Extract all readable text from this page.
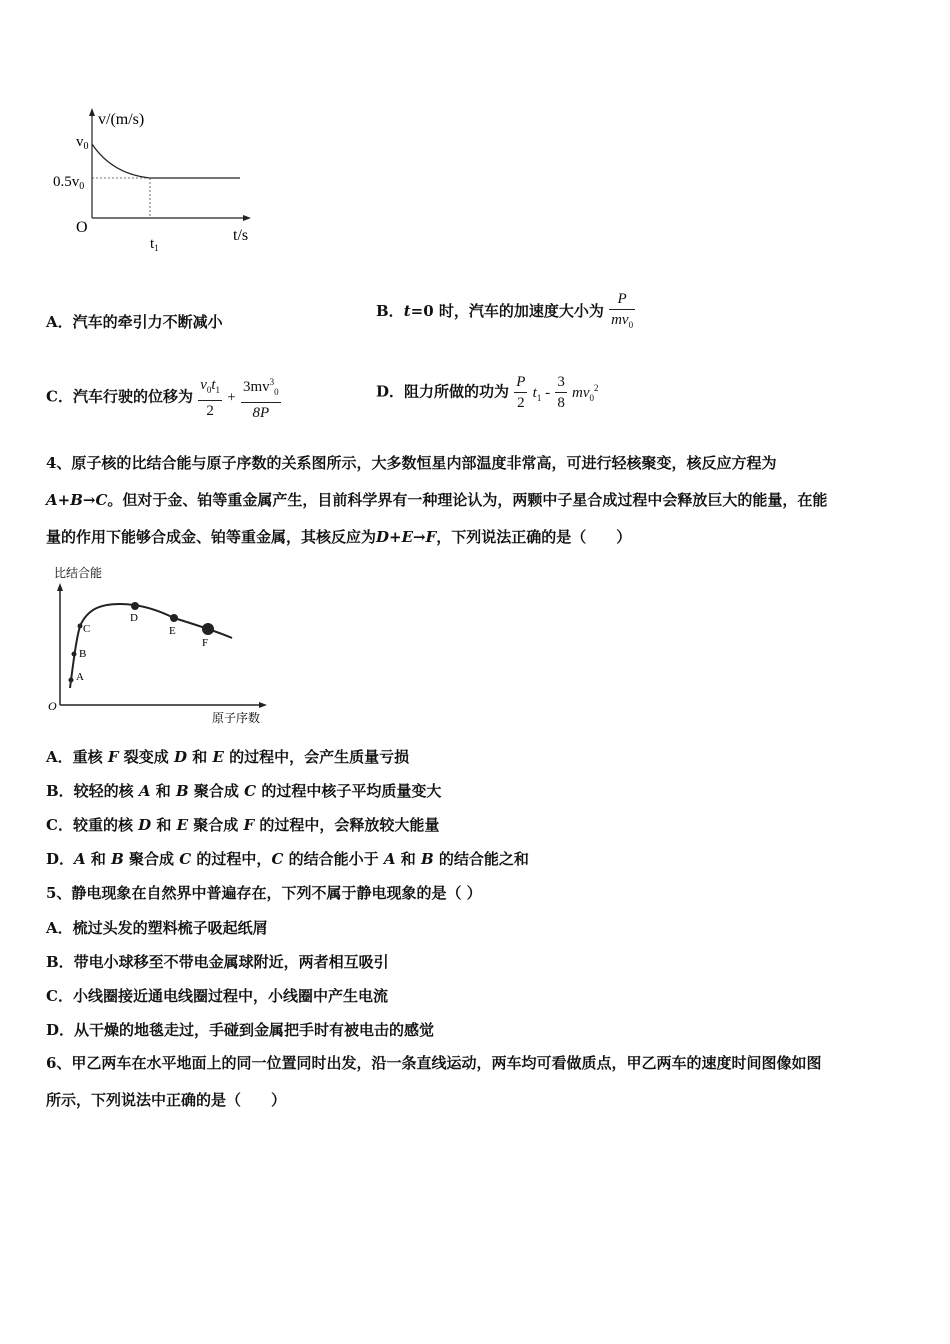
v/(m/s)
$v_0$
$0.5v_0$
O
$t_1$
t/s
A．汽车的牵引力不断减小
B．t=0 时，汽车的加速度大小为 $\frac{P}{mv_0}$
C．汽车行驶的位移为 $\frac{v_0t_1}{2} + \frac{3mv^3_0}{8P}$	D．阻力所做的功为 $\frac{P}{2} t_1 - \frac{3}{8} mv_0^2$
4、原子核的比结合能与原子序数的关系图所示，大多数恒星内部温度非常高，可进行轻核聚变，核反应方程为
A+B→C。但对于金、铂等重金属产生，目前科学界有一种理论认为，两颗中子星合成过程中会释放巨大的能量，在能
量的作用下能够合成金、铂等重金属，其核反应为D+E→F，下列说法正确的是（　　）
比结合能
O
原子序数
A
B
C
D
E
F
A．重核 F 裂变成 D 和 E 的过程中，会产生质量亏损
B．较轻的核 A 和 B 聚合成 C 的过程中核子平均质量变大
C．较重的核 D 和 E 聚合成 F 的过程中，会释放较大能量
D．A 和 B 聚合成 C 的过程中，C 的结合能小于 A 和 B 的结合能之和
5、静电现象在自然界中普遍存在，下列不属于静电现象的是（ ）
A．梳过头发的塑料梳子吸起纸屑
B．带电小球移至不带电金属球附近，两者相互吸引
C．小线圈接近通电线圈过程中，小线圈中产生电流
D．从干燥的地毯走过，手碰到金属把手时有被电击的感觉
6、甲乙两车在水平地面上的同一位置同时出发，沿一条直线运动，两车均可看做质点，甲乙两车的速度时间图像如图
所示，下列说法中正确的是（　　）
